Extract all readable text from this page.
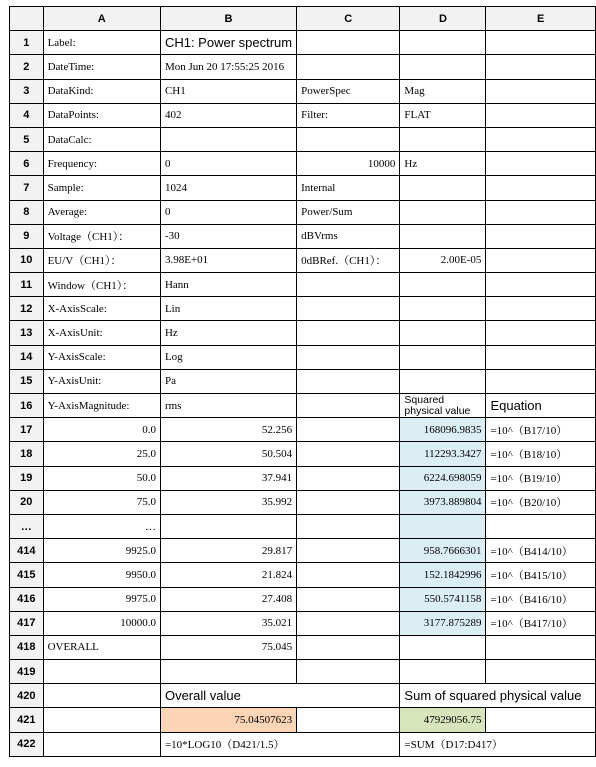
	A	B	C	D	E
1	Label:	CH1: Power spectrum			
2	DateTime:	Mon Jun 20 17:55:25 2016			
3	DataKind:	CH1	PowerSpec	Mag	
4	DataPoints:	402	Filter:	FLAT	
5	DataCalc:				
6	Frequency:	0	10000	Hz	
7	Sample:	1024	Internal		
8	Average:	0	Power/Sum		
9	Voltage（CH1）：	-30	dBVrms		
10	EU/V（CH1）：	3.98E+01	0dBRef.（CH1）：	2.00E-05	
11	Window（CH1）：	Hann			
12	X-AxisScale:	Lin			
13	X-AxisUnit:	Hz			
14	Y-AxisScale:	Log			
15	Y-AxisUnit:	Pa			
16	Y-AxisMagnitude:	rms		Squared physical value	Equation
17	0.0	52.256		168096.9835	=10^（B17/10）
18	25.0	50.504		112293.3427	=10^（B18/10）
19	50.0	37.941		6224.698059	=10^（B19/10）
20	75.0	35.992		3973.889804	=10^（B20/10）
…	…				
414	9925.0	29.817		958.7666301	=10^（B414/10）
415	9950.0	21.824		152.1842996	=10^（B415/10）
416	9975.0	27.408		550.5741158	=10^（B416/10）
417	10000.0	35.021		3177.875289	=10^（B417/10）
418	OVERALL	75.045			
419					
420		Overall value		Sum of squared physical value	
421		75.04507623		47929056.75	
422		=10*LOG10（D421/1.5）		=SUM（D17:D417）	
